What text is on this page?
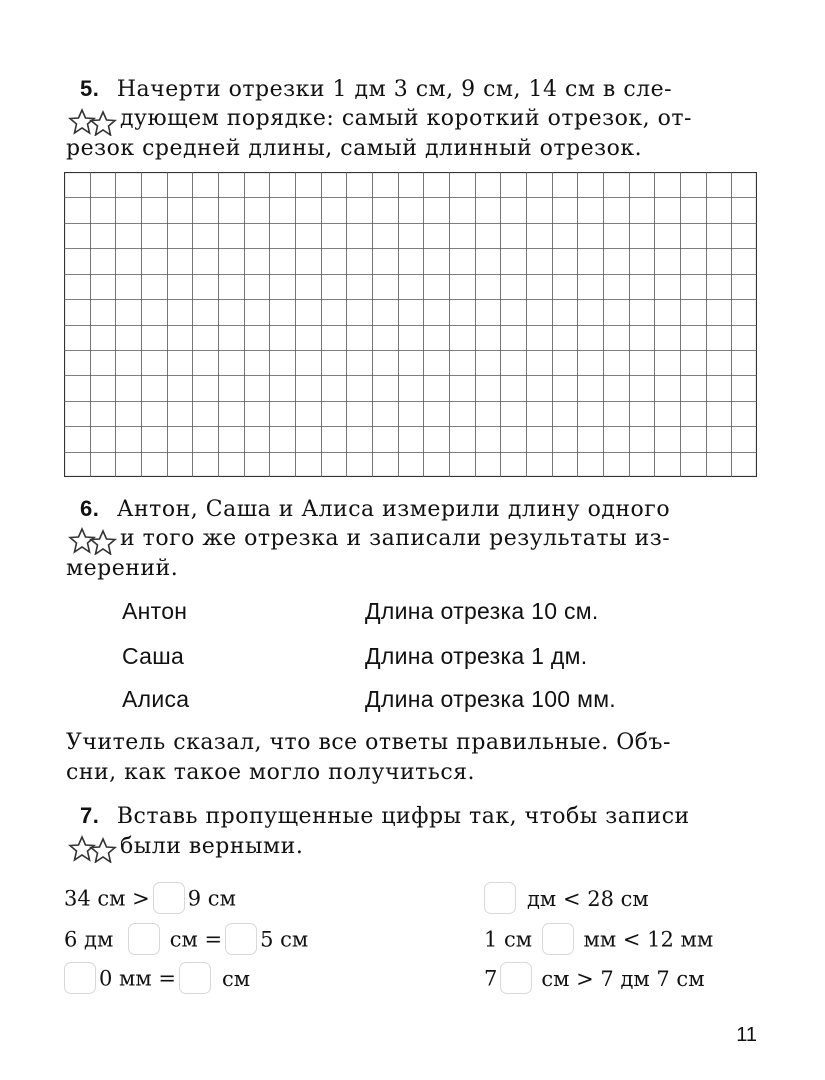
5. Начерти отрезки 1 дм 3 см, 9 см, 14 см в сле-
дующем порядке: самый короткий отрезок, от-
резок средней длины, самый длинный отрезок.
6. Антон, Саша и Алиса измерили длину одного
и того же отрезка и записали результаты из-
мерений.
Антон	Длина отрезка 10 см.
Саша	Длина отрезка 1 дм.
Алиса	Длина отрезка 100 мм.
Учитель сказал, что все ответы правильные. Объ-
сни, как такое могло получиться.
7. Вставь пропущенные цифры так, чтобы записи
были верными.
34 см > 9 см
6 дм	см = 5 см
0 мм = см
дм < 28 см
1 см мм < 12 мм
7 см > 7 дм 7 см
11
